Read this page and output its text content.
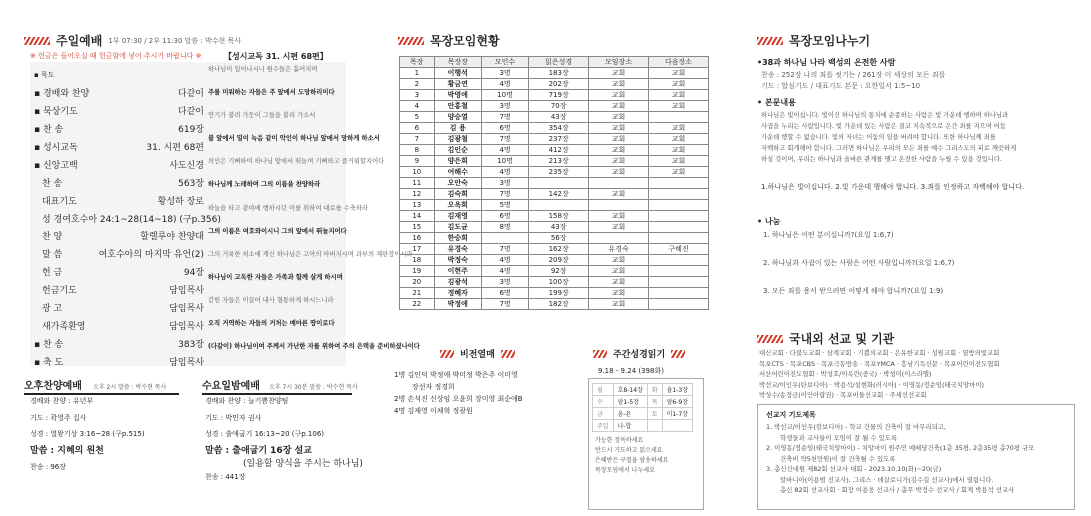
주일예배 1부 07:30 / 2부 11:30 말씀 : 박수현 목사
※ 헌금은 들어오실 때 헌금함에 넣어 주시기 바랍니다 ※	【성시교독 31. 시편 68편】
▪ 묵도
▪ 경배와 찬양	다같이
▪ 묵상기도	다같이
▪ 찬 송	619장
▪ 성시교독	31. 시편 68편
▪ 신앙고백	사도신경
찬 송	563장
대표기도	황성하 장로
성 경 여호수아 24:1~28(14~18) (구p.356)
찬 양	할렐루야 찬양대
말 씀	여호수아의 마지막 유언(2)
헌 금	94장
헌금기도	담임목사
광 고	담임목사
새가족환영	담임목사
▪ 찬 송	383장
▪ 축 도	담임목사
하나님이 일어나시니 원수들은 흩어지며
주를 미워하는 자들은 주 앞에서 도망하리이다
연기가 불려 가듯이 그들을 불려 가소서
불 앞에서 밀이 녹음 같이 악인이 하나님 앞에서 망하게 하소서
의인은 기뻐하여 하나님 앞에서 뛰놀며 기뻐하고 즐거워할지어다
하나님께 노래하며 그의 이름을 찬양하라
하늘을 타고 광야에 행하시던 이를 위하여 대로를 수축하라
그의 이름은 여호와이시니 그의 앞에서 뛰놀지어다
그의 거룩한 처소에 계신 하나님은 고아의 아버지시며 과부의 재판장이시라
하나님이 고독한 자들은 가족과 함께 살게 하시며
갇힌 자들은 이끌어 내사 형통하게 하시느니라
오직 거역하는 자들의 거처는 메마른 땅이로다
(다같이) 하나님이여 주께서 가난한 자를 위하여 주의 은택을 준비하셨나이다
오후찬양예배 오후 2시 말씀 : 박수현 목사
경배와 찬양 : 유년부
기도 : 곽영주 집사
성경 : 열왕기상 3:16~28 (구p.515)
말씀 : 지혜의 원천
찬송 : 96장
수요일밤예배 오후 7시 30분 말씀 : 박수현 목사
경배와 찬양 : 늘기쁨찬양팀
기도 : 박민자 권사
성경 : 출애굽기 16:13~20 (구p.106)
말씀 : 출애굽기 16장 설교
(일용할 양식을 주시는 하나님)
찬송 : 441장
목장모임현황
목장	목장장	모인수	읽은성경	모임장소	다음장소
1	이행석	3명	183장	교회	교회
2	황금연	4명	202장	교회	교회
3	박영애	10명	719장	교회	교회
4	안홍철	3명	70장	교회	교회
5	양승열	7명	43장	교회	
6	김 용	6명	354장	교회	교회
7	김광철	7명	237장	교회	교회
8	김인순	4명	412장	교회	교회
9	양은희	10명	213장	교회	교회
10	여해수	4명	235장	교회	교회
11	오안숙	3명			
12	김숙희	7명	142장	교회	
13	오옥희	5명			
14	김재영	6명	158장	교회	
15	김도균	8명	43장	교회	
16	한승희		56장		
17	유경숙	7명	162장	유경숙	구혜진
18	박정숙	4명	209장	교회	
19	이현주	4명	92장	교회	
20	김광석	3명	100장	교회	
21	정혜자	6명	199장	교회	
22	박정애	7명	182장	교회	
비전열매
1명 김인덕 박정애 박미정 박은주 이미영
장선자 정경희
2명 손석진 신상임 오윤희 장미영 최순애B
4명 김재영 이채혁 정광원
주간성경읽기
9.18 - 9.24 (398화)
월	호8-14장	화	욜1-3장
수	암1-5장	목	암6-9장
금	옴-욘	토	미1-7장
주일	나-합		
가능한 정독하세요
반드시 기도하고 읽으세요
은혜받은 구절을 암송하세요
목장모임에서 나누세요
목장모임나누기
•38과 하나님 나라 백성의 온전한 사람
찬송 : 252장 나의 죄를 씻기는 / 261장 이 세상의 모든 죄를
기도 : 합심기도 / 대표기도 본문 : 요한일서 1:5~10
• 본문내용
하나님은 빛이십니다. 빛이신 하나님의 통치에 순종하는 사람은 빛 가운데 행하며 하나님과
사귐을 누리는 사람입니다. 빛 가운데 있는 사람은 결코 지속적으로 은간 죄를 지으며 어둠
가운데 행할 수 없습니다. 빛의 자녀는 어둠의 일을 버려야 합니다. 또한 하나님께 죄를
자백하고 회개해야 합니다. 그러면 하나님은 우리의 모든 죄를 예수 그리스도의 피로 깨끗하게
하실 것이며, 우리는 하나님과 올바른 관계를 맺고 온전한 사람을 누릴 수 있을 것입니다.
1.하나님은 빛이십니다. 2.빛 가운데 행해야 합니다. 3.죄를 인정하고 자백해야 합니다.
• 나눔
1. 하나님은 어떤 분이십니까?(요일 1:6,7)
2. 하나님과 사귐이 있는 사람은 어떤 사람입니까?(요일 1:6,7)
3. 모든 죄를 용서 받으려면 어떻게 해야 합니까?(요일 1:9)
국내외 선교 및 기관
대신교회 · 다불도교회 · 삼계교회 · 기쁨의교회 · 은유한교회 · 성원교회 · 열방의빛교회
목포CTS · 목포CBS · 목포극동방송 · 목포YMCA · 흥남기독신문 · 목포어린이전도협회
서산어린이전도협회 · 박성호/이옥란(중국) · 박성미(이스라엘)
박선교/이인우(탄보디아) · 박용석/설현화(러시아) · 이영동/정순임(태국치앙마이)
박성수/송정금(이인아랍권) · 목포비둘선교회 · 주세선선교회
선교지 기도제목
1. 박선교/이인우(캄보디아) - 학교 건물의 건축이 잘 마무리되고,
학생들과 교사들이 모임이 잘 될 수 있도록
2. 이영동/정순임(태국치앙마이) - 치앙마이 원주민 예배당건축(1층 35평, 2층35평 총70평 규모
건축비 약5천만원)이 잘 건축될 수 있도록
3. 총신신대원 제82회 선교사 대회 - 2023.10.10(화)~20(금)
알바니아(이용범 선교사), 그리스 · 데살로니가(김수길 선교사)에서 열립니다.
총신 82회 선교사회 · 회장 이용웅 선교사 / 총무 박정수 선교사 / 회계 박용석 선교사
